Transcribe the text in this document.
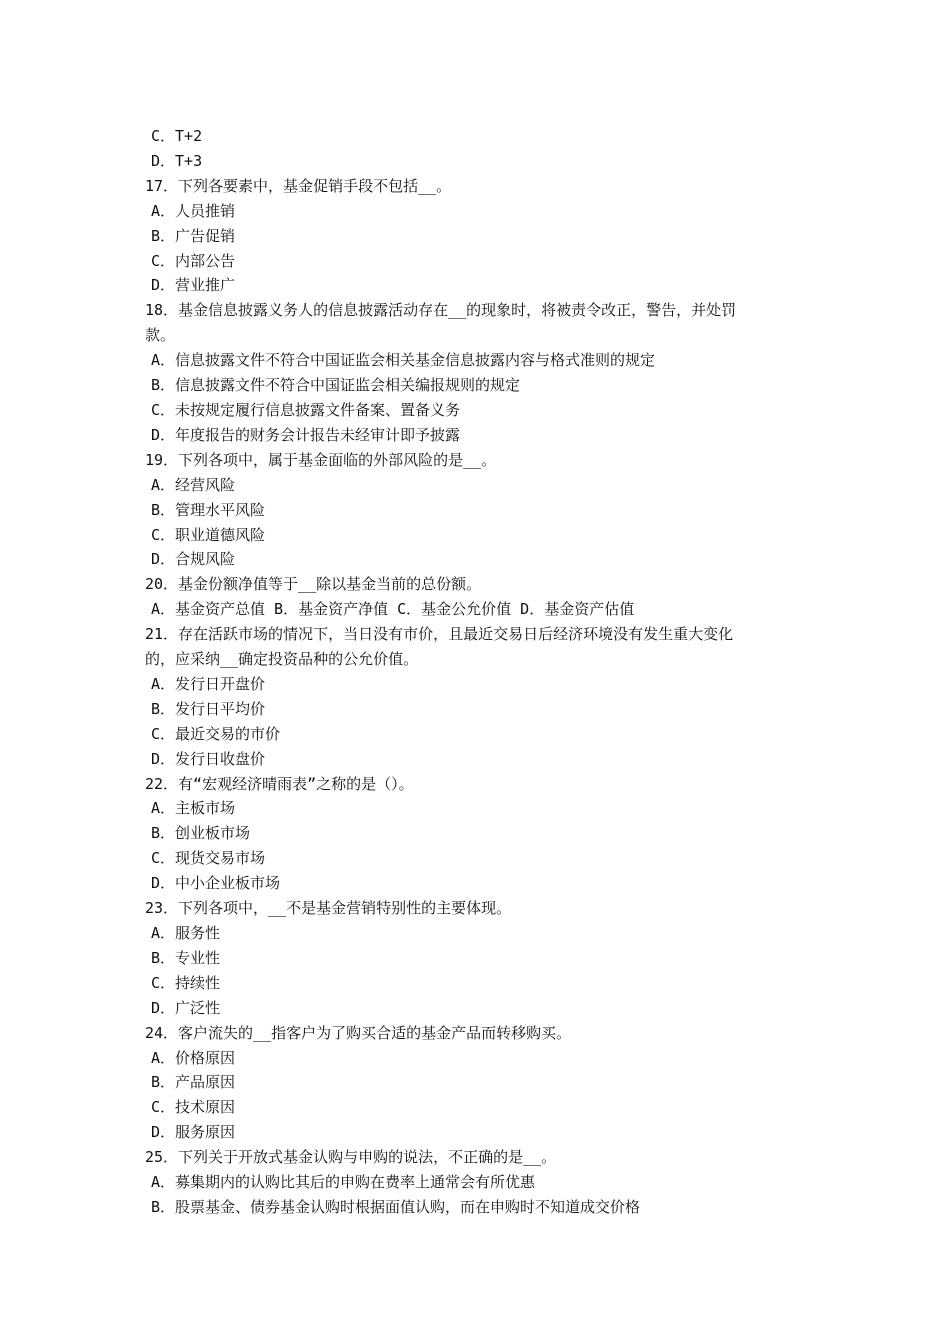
C．T+2

D．T+3

17．下列各要素中，基金促销手段不包括__。

A．人员推销

B．广告促销

C．内部公告

D．营业推广

18．基金信息披露义务人的信息披露活动存在__的现象时，将被责令改正，警告，并处罚

款。

A．信息披露文件不符合中国证监会相关基金信息披露内容与格式准则的规定

B．信息披露文件不符合中国证监会相关编报规则的规定

C．未按规定履行信息披露文件备案、置备义务

D．年度报告的财务会计报告未经审计即予披露

19．下列各项中，属于基金面临的外部风险的是__。

A．经营风险

B．管理水平风险

C．职业道德风险

D．合规风险

20．基金份额净值等于__除以基金当前的总份额。

A．基金资产总值 B．基金资产净值 C．基金公允价值 D．基金资产估值

21．存在活跃市场的情况下，当日没有市价，且最近交易日后经济环境没有发生重大变化

的，应采纳__确定投资品种的公允价值。

A．发行日开盘价

B．发行日平均价

C．最近交易的市价

D．发行日收盘价

22．有“宏观经济晴雨表”之称的是（）。

A．主板市场

B．创业板市场

C．现货交易市场

D．中小企业板市场

23．下列各项中，__不是基金营销特别性的主要体现。

A．服务性

B．专业性

C．持续性

D．广泛性

24．客户流失的__指客户为了购买合适的基金产品而转移购买。

A．价格原因

B．产品原因

C．技术原因

D．服务原因

25．下列关于开放式基金认购与申购的说法，不正确的是__。

A．募集期内的认购比其后的申购在费率上通常会有所优惠

B．股票基金、债券基金认购时根据面值认购，而在申购时不知道成交价格
